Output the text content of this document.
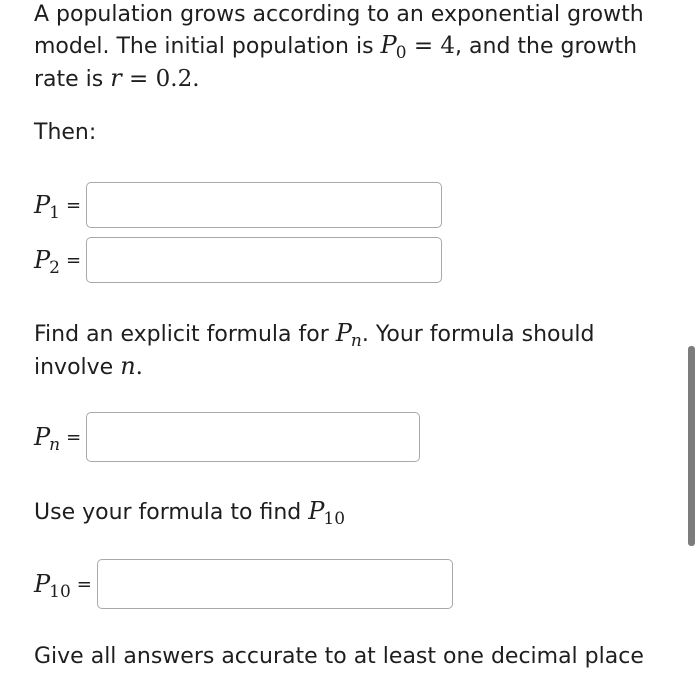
A population grows according to an exponential growth
model. The initial population is $P_0 = 4$, and the growth
rate is r = 0.2.
Then:
P1 =
P2 =
Find an explicit formula for $P_n$. Your formula should
involve n.
Pn =
Use your formula to find $P_{10}$
P10 =
Give all answers accurate to at least one decimal place
